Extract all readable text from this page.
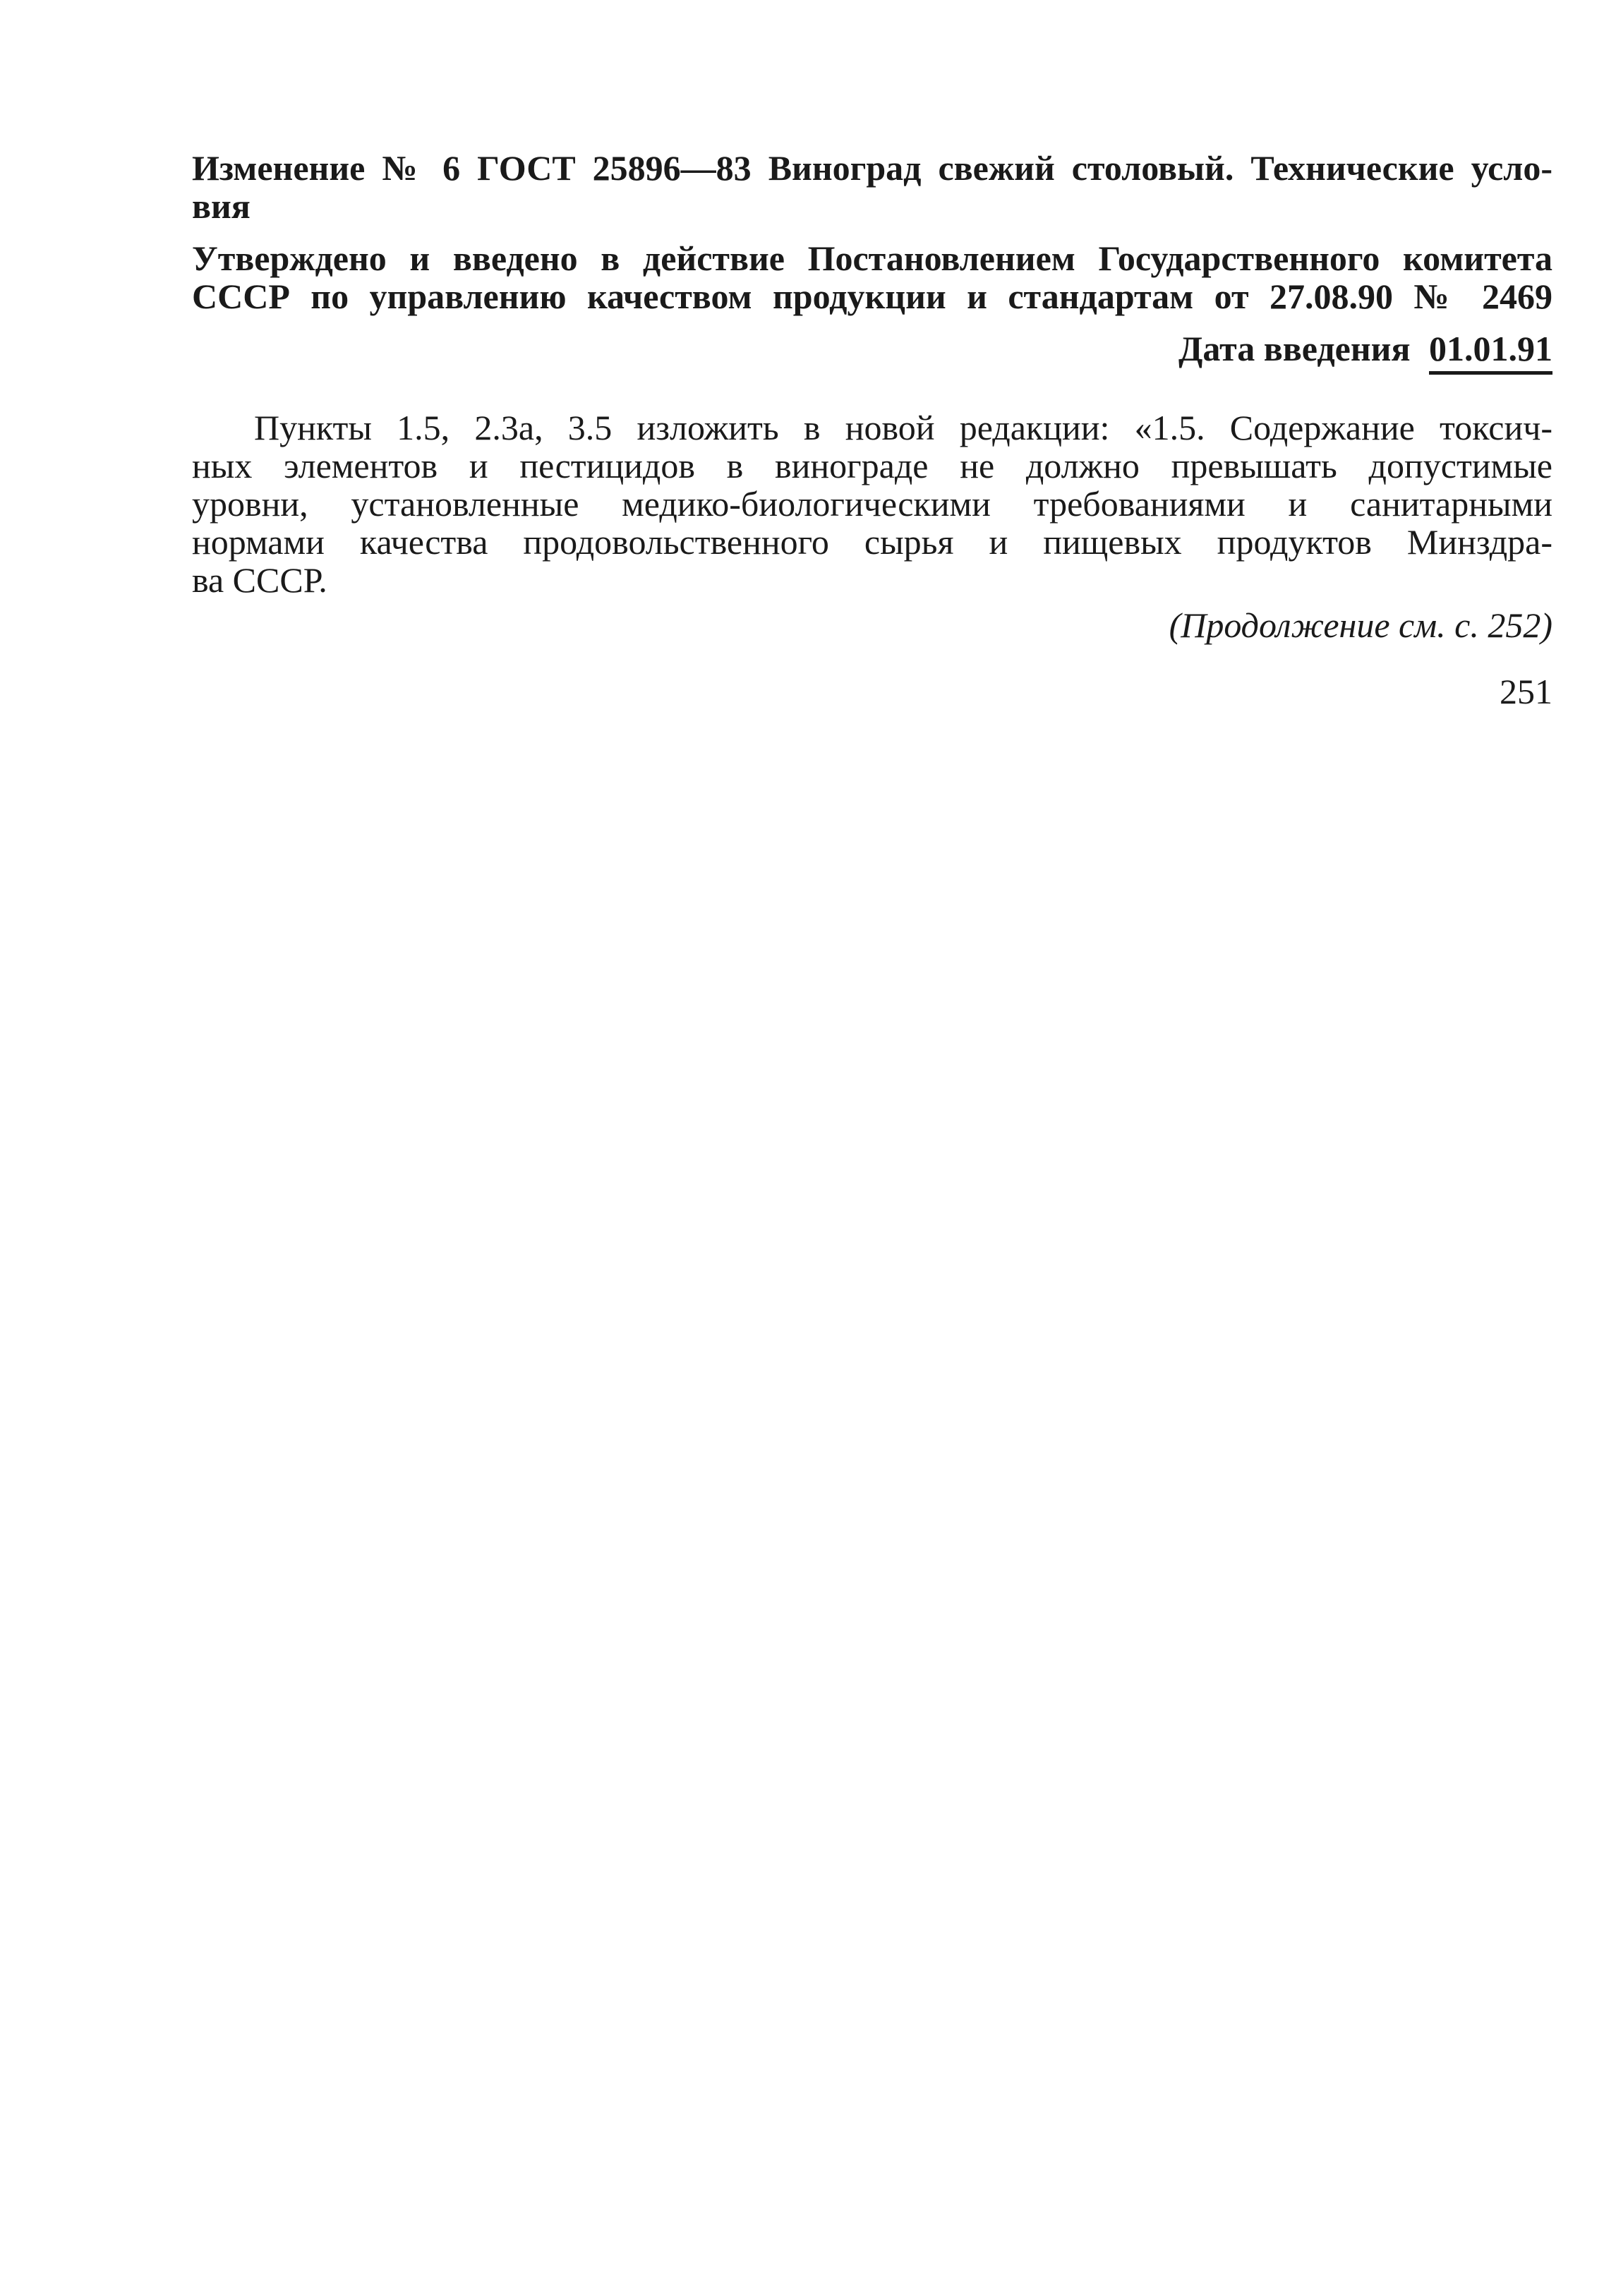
Изменение № 6 ГОСТ 25896—83 Виноград свежий столовый. Технические усло-
вия
Утверждено и введено в действие Постановлением Государственного комитета
СССР по управлению качеством продукции и стандартам от 27.08.90 № 2469
Дата введения 01.01.91
Пункты 1.5, 2.3а, 3.5 изложить в новой редакции: «1.5. Содержание токсич-
ных элементов и пестицидов в винограде не должно превышать допустимые
уровни, установленные медико-биологическими требованиями и санитарными
нормами качества продовольственного сырья и пищевых продуктов Минздра-
ва СССР.
(Продолжение см. с. 252)
251
